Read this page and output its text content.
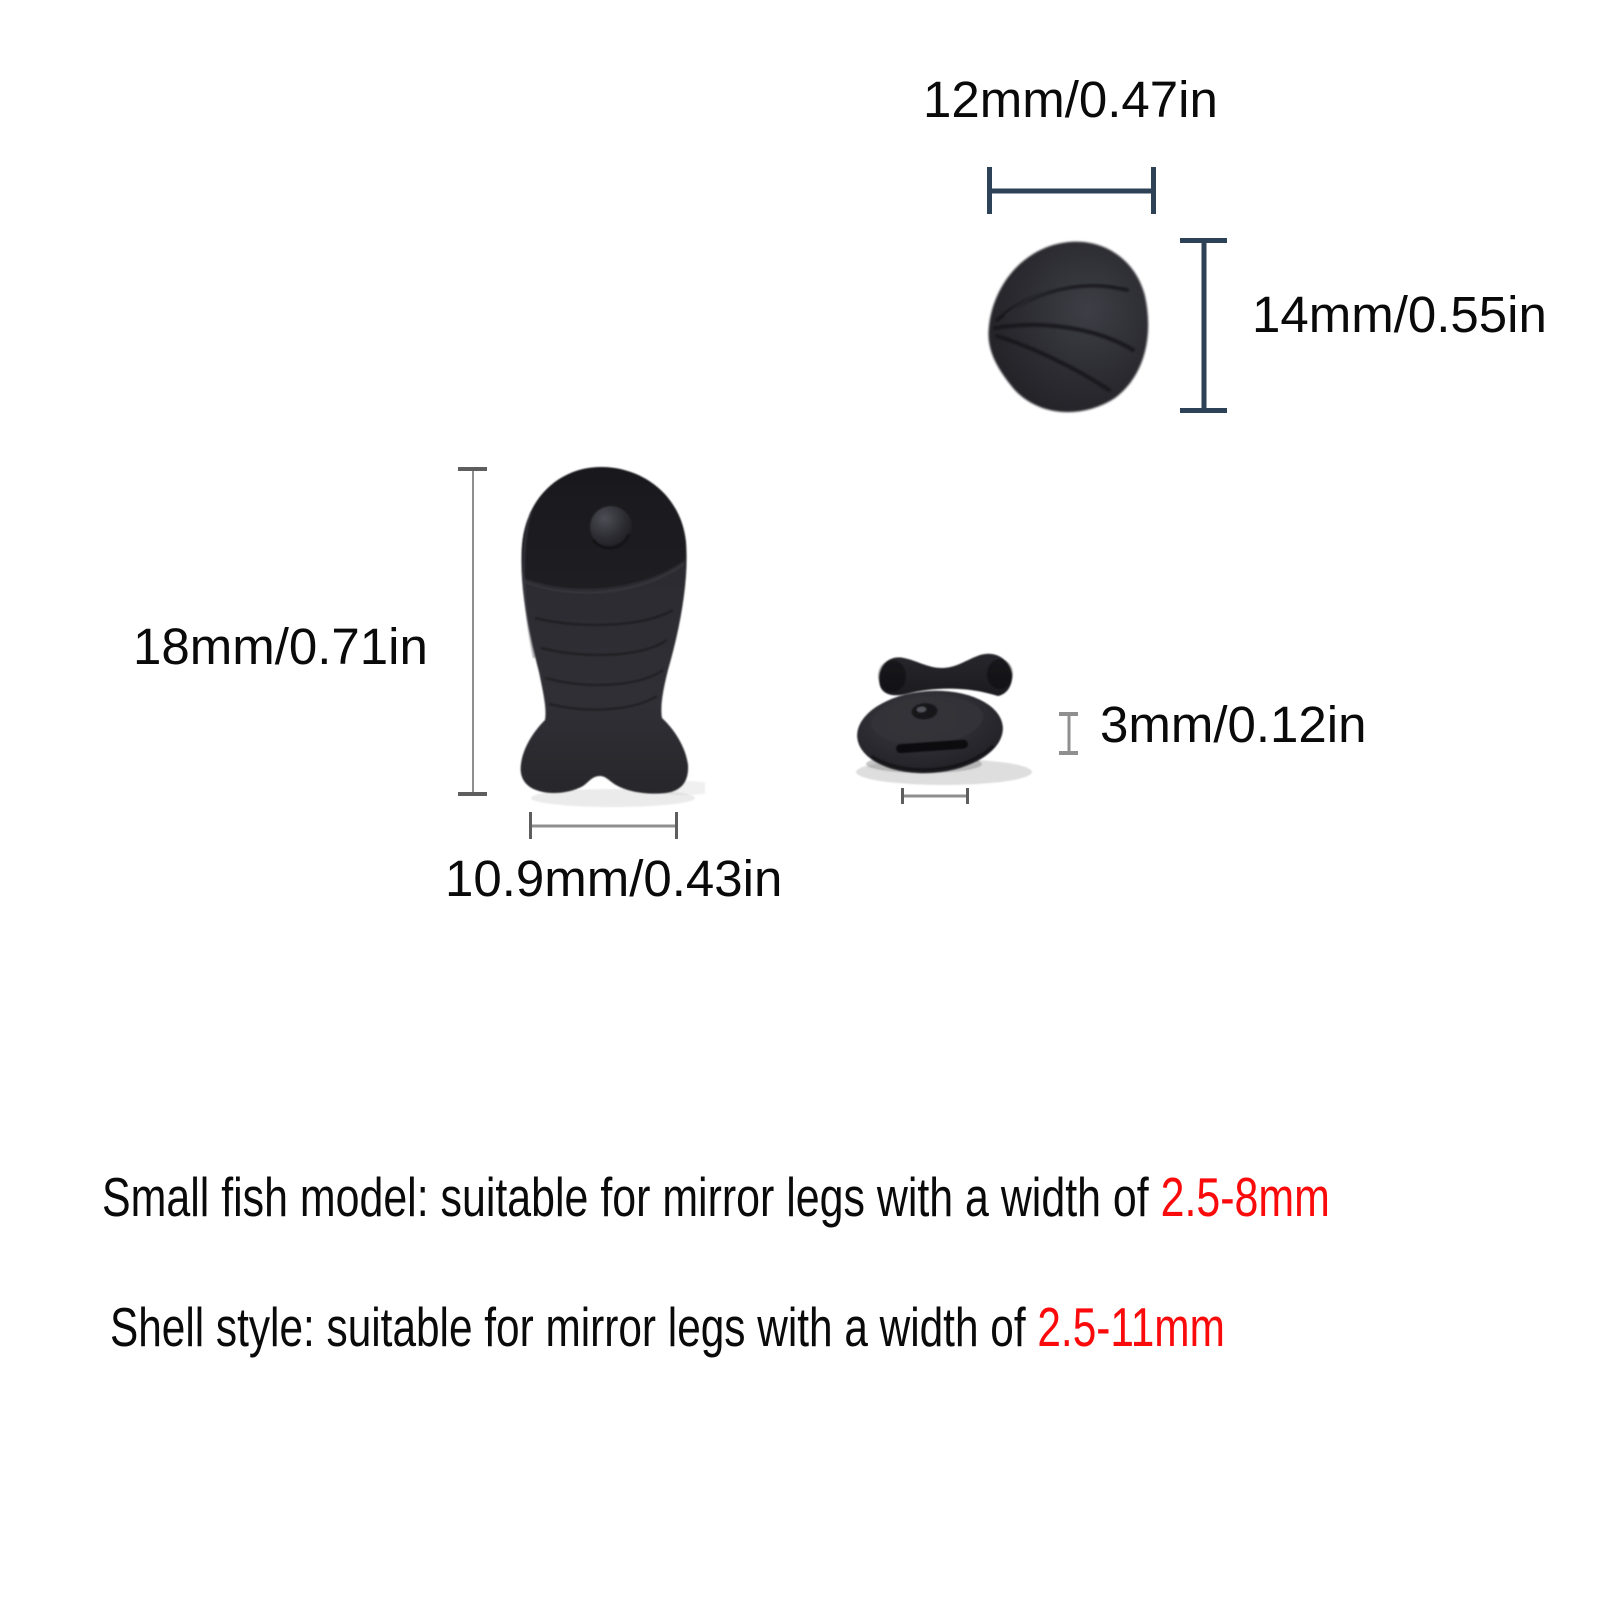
12mm/0.47in
14mm/0.55in
18mm/0.71in
10.9mm/0.43in
3mm/0.12in

Small fish model: suitable for mirror legs with a width of 2.5-8mm

Shell style: suitable for mirror legs with a width of 2.5-11mm
